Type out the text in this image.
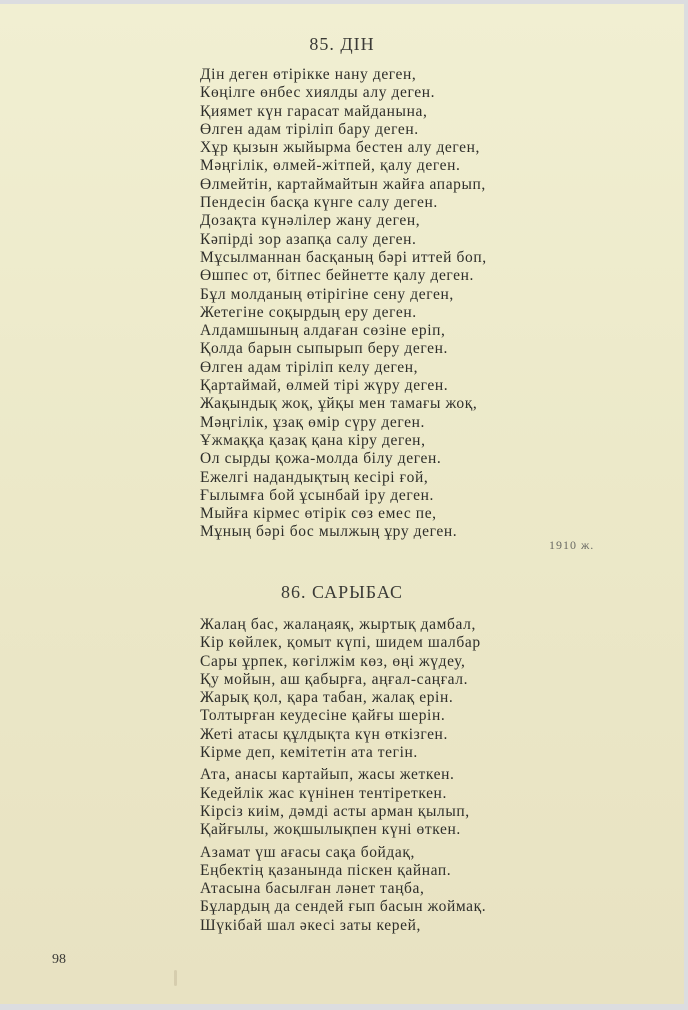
85. ДІН
Дін деген өтірікке нану деген,
Көңілге өнбес хиялды алу деген.
Қиямет күн гарасат майданына,
Өлген адам тіріліп бару деген.
Хұр қызын жыйырма бестен алу деген,
Мәңгілік, өлмей-жітпей, қалу деген.
Өлмейтін, картаймайтын жайға апарып,
Пендесін басқа күнге салу деген.
Дозақта күнәлілер жану деген,
Кәпірді зор азапқа салу деген.
Мұсылманнан басқаның бәрі иттей боп,
Өшпес от, бітпес бейнетте қалу деген.
Бұл молданың өтірігіне сену деген,
Жетегіне соқырдың еру деген.
Алдамшының алдаған сөзіне еріп,
Қолда барын сыпырып беру деген.
Өлген адам тіріліп келу деген,
Қартаймай, өлмей тірі жүру деген.
Жақындық жоқ, ұйқы мен тамағы жоқ,
Мәңгілік, ұзақ өмір сүру деген.
Ұжмаққа қазақ қана кіру деген,
Ол сырды қожа-молда білу деген.
Ежелгі надандықтың кесірі ғой,
Ғылымға бой ұсынбай іру деген.
Мыйға кірмес өтірік сөз емес пе,
Мұның бәрі бос мылжың ұру деген.
1910 ж.
86. САРЫБАС
Жалаң бас, жалаңаяқ, жыртық дамбал,
Кір көйлек, қомыт күпі, шидем шалбар
Сары ұрпек, көгілжім көз, өңі жүдеу,
Қу мойын, аш қабырға, аңғал-саңғал.
Жарық қол, қара табан, жалақ ерін.
Толтырған кеудесіне қайғы шерін.
Жеті атасы құлдықта күн өткізген.
Кірме деп, кемітетін ата тегін.
Ата, анасы картайып, жасы жеткен.
Кедейлік жас күнінен тентіреткен.
Кірсіз киім, дәмді асты арман қылып,
Қайғылы, жоқшылықпен күні өткен.
Азамат үш ағасы сақа бойдақ,
Еңбектің қазанында піскен қайнап.
Атасына басылған ләнет таңба,
Бұлардың да сендей ғып басын жоймақ.
Шүкібай шал әкесі заты керей,
98
